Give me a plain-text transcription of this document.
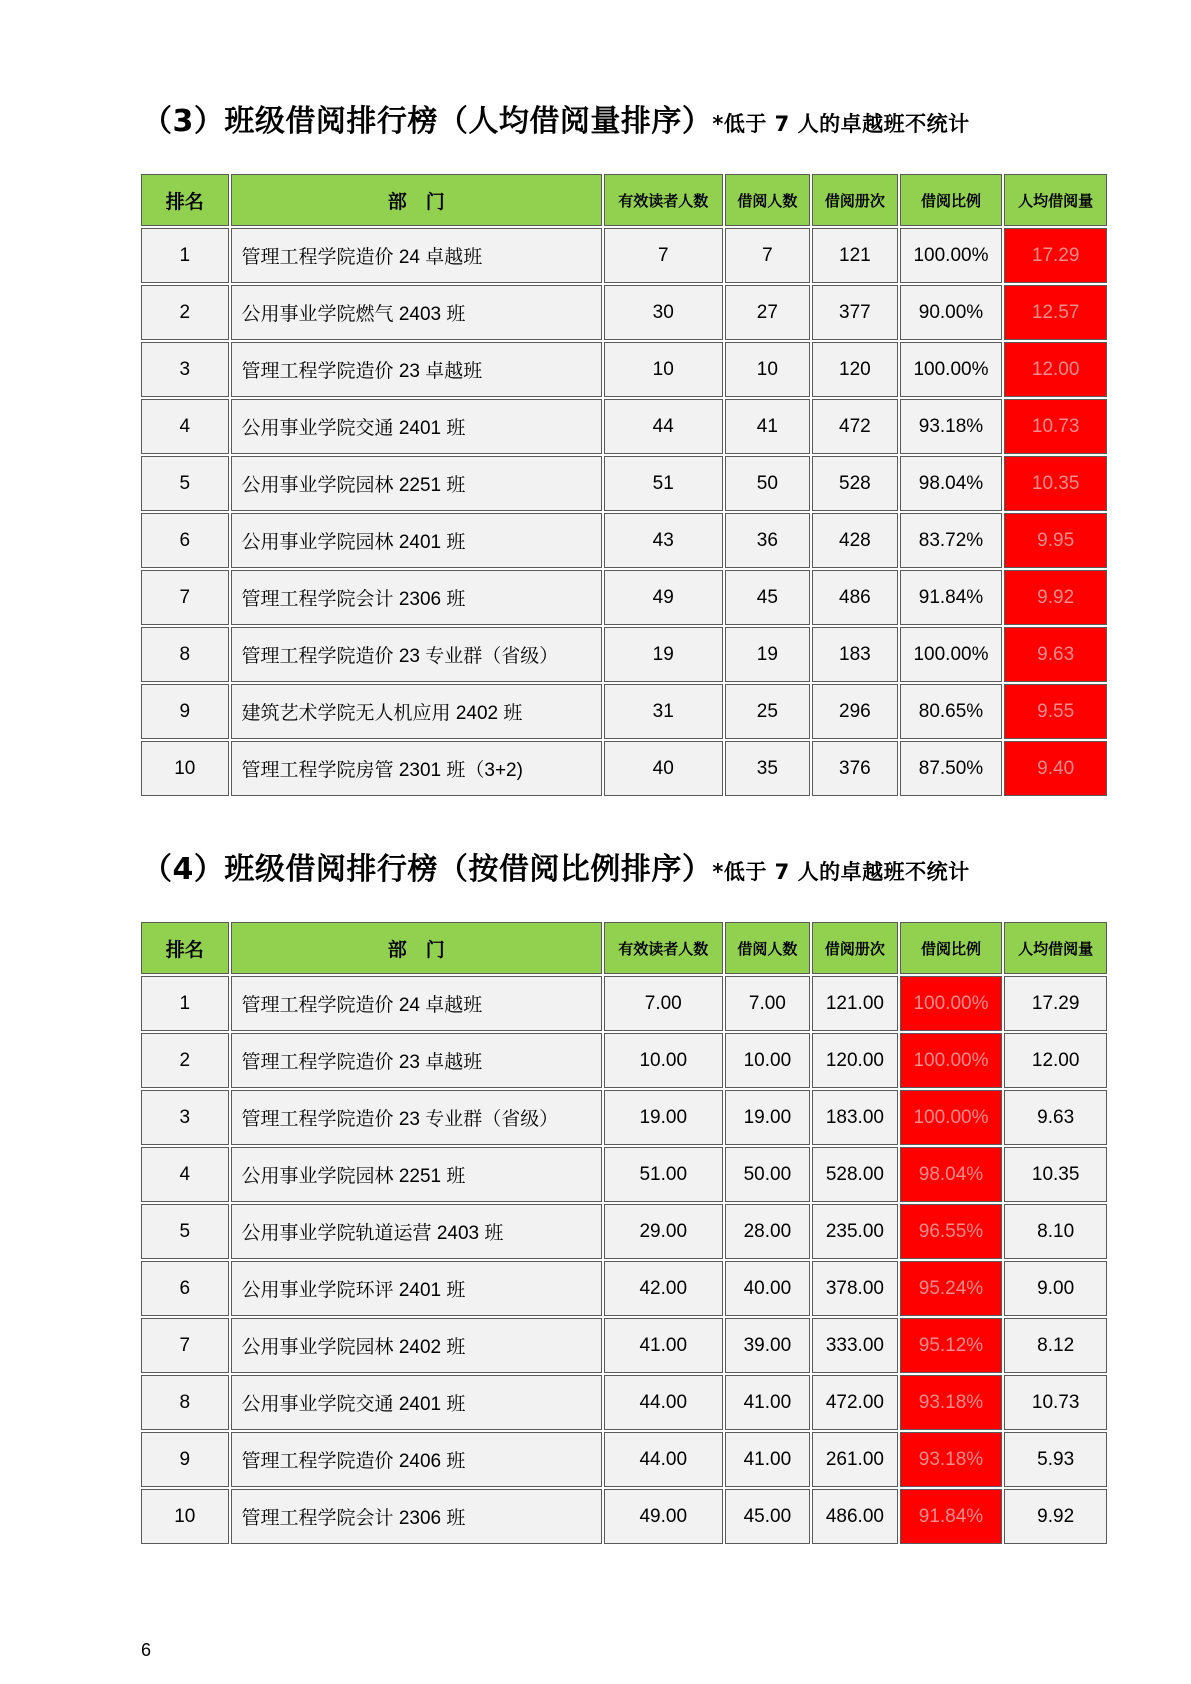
（3）班级借阅排行榜（人均借阅量排序）*低于 7 人的卓越班不统计
排名	部　门	有效读者人数	借阅人数	借阅册次	借阅比例	人均借阅量
1	管理工程学院造价 24 卓越班	7	7	121	100.00%	17.29
2	公用事业学院燃气 2403 班	30	27	377	90.00%	12.57
3	管理工程学院造价 23 卓越班	10	10	120	100.00%	12.00
4	公用事业学院交通 2401 班	44	41	472	93.18%	10.73
5	公用事业学院园林 2251 班	51	50	528	98.04%	10.35
6	公用事业学院园林 2401 班	43	36	428	83.72%	9.95
7	管理工程学院会计 2306 班	49	45	486	91.84%	9.92
8	管理工程学院造价 23 专业群（省级）	19	19	183	100.00%	9.63
9	建筑艺术学院无人机应用 2402 班	31	25	296	80.65%	9.55
10	管理工程学院房管 2301 班（3+2)	40	35	376	87.50%	9.40
（4）班级借阅排行榜（按借阅比例排序）*低于 7 人的卓越班不统计
排名	部　门	有效读者人数	借阅人数	借阅册次	借阅比例	人均借阅量
1	管理工程学院造价 24 卓越班	7.00	7.00	121.00	100.00%	17.29
2	管理工程学院造价 23 卓越班	10.00	10.00	120.00	100.00%	12.00
3	管理工程学院造价 23 专业群（省级）	19.00	19.00	183.00	100.00%	9.63
4	公用事业学院园林 2251 班	51.00	50.00	528.00	98.04%	10.35
5	公用事业学院轨道运营 2403 班	29.00	28.00	235.00	96.55%	8.10
6	公用事业学院环评 2401 班	42.00	40.00	378.00	95.24%	9.00
7	公用事业学院园林 2402 班	41.00	39.00	333.00	95.12%	8.12
8	公用事业学院交通 2401 班	44.00	41.00	472.00	93.18%	10.73
9	管理工程学院造价 2406 班	44.00	41.00	261.00	93.18%	5.93
10	管理工程学院会计 2306 班	49.00	45.00	486.00	91.84%	9.92
6
